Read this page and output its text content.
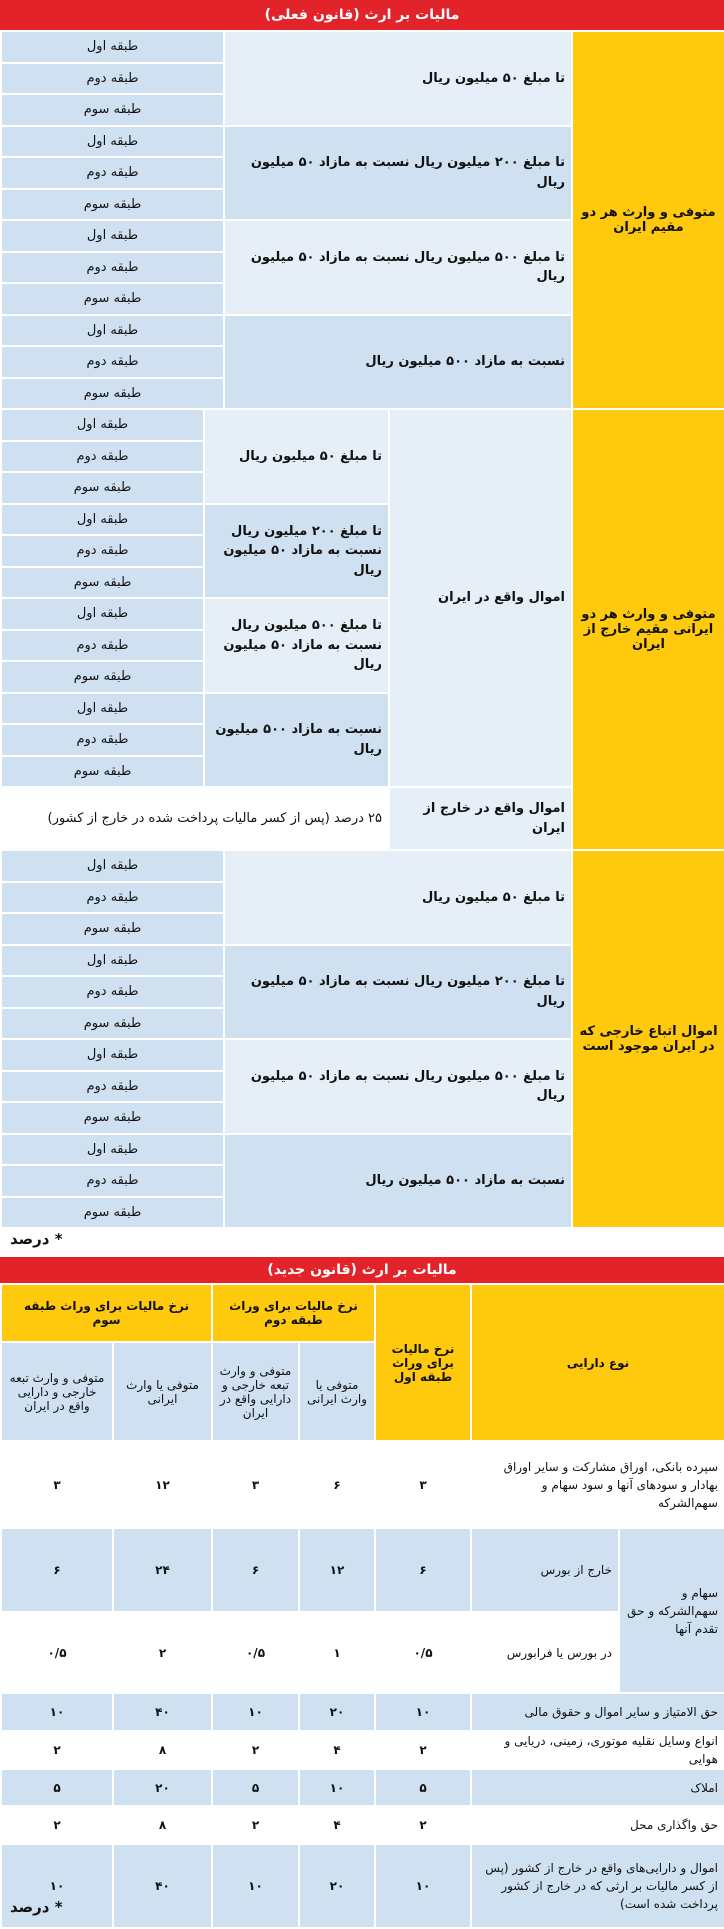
مالیات بر ارث (قانون فعلی)
متوفی و وارث هر دو مقیم ایران	تا مبلغ ۵۰ میلیون ریال		طبقه اول	
			طبقه دوم	
			طبقه سوم	
	تا مبلغ ۲۰۰ میلیون ریال نسبت به مازاد ۵۰ میلیون ریال		طبقه اول	
			طبقه دوم	
			طبقه سوم	
	تا مبلغ ۵۰۰ میلیون ریال نسبت به مازاد ۵۰ میلیون ریال		طبقه اول	
			طبقه دوم	
			طبقه سوم	
	نسبت به مازاد ۵۰۰ میلیون ریال		طبقه اول	
			طبقه دوم	
			طبقه سوم	
متوفی و وارث هر دو ایرانی مقیم خارج از ایران	اموال واقع در ایران	تا مبلغ ۵۰ میلیون ریال		طبقه اول	
				طبقه دوم	
				طبقه سوم	
		تا مبلغ ۲۰۰ میلیون ریال نسبت به مازاد ۵۰ میلیون ریال		طبقه اول	
				طبقه دوم	
				طبقه سوم	
		تا مبلغ ۵۰۰ میلیون ریال نسبت به مازاد ۵۰ میلیون ریال		طبقه اول	
				طبقه دوم	
				طبقه سوم	
		نسبت به مازاد ۵۰۰ میلیون ریال		طبقه اول	
				طبقه دوم	
				طبقه سوم	
	اموال واقع در خارج از ایران	۲۵ درصد (پس از کسر مالیات پرداخت شده در خارج از کشور)			

اموال اتباع خارجی که در ایران موجود است	تا مبلغ ۵۰ میلیون ریال		طبقه اول	
			طبقه دوم	
			طبقه سوم	
	تا مبلغ ۲۰۰ میلیون ریال نسبت به مازاد ۵۰ میلیون ریال		طبقه اول	
			طبقه دوم	
			طبقه سوم	
	تا مبلغ ۵۰۰ میلیون ریال نسبت به مازاد ۵۰ میلیون ریال		طبقه اول	
			طبقه دوم	
			طبقه سوم	
	نسبت به مازاد ۵۰۰ میلیون ریال		طبقه اول	
			طبقه دوم	
			طبقه سوم	
* درصد
مالیات بر ارث (قانون جدید)
نوع دارایی		نرخ مالیات برای وراث طبقه اول	نرخ مالیات برای وراث طبقه دوم		نرخ مالیات برای وراث طبقه سوم	
			متوفی یا وارث ایرانی	متوفی و وارث تبعه خارجی و دارایی واقع در ایران	متوفی یا وارث ایرانی	متوفی و وارث تبعه خارجی و دارایی واقع در ایران
سپرده بانکی، اوراق مشارکت و سایر اوراق بهادار و سودهای آنها و سود سهام و سهم‌الشرکه		۳	۶	۳	۱۲	۳
سهام و سهم‌الشرکه و حق تقدم آنها	خارج از بورس	۶	۱۲	۶	۲۴	۶
	در بورس یا فرابورس	۰/۵	۱	۰/۵	۲	۰/۵
حق الامتیاز و سایر اموال و حقوق مالی		۱۰	۲۰	۱۰	۴۰	۱۰
انواع وسایل نقلیه موتوری، زمینی، دریایی و هوایی		۲	۴	۲	۸	۲
املاک		۵	۱۰	۵	۲۰	۵
حق واگذاری محل		۲	۴	۲	۸	۲
اموال و دارایی‌های واقع در خارج از کشور (پس از کسر مالیات بر ارثی که در خارج از کشور پرداخت شده است)		۱۰	۲۰	۱۰	۴۰	۱۰
* درصد
